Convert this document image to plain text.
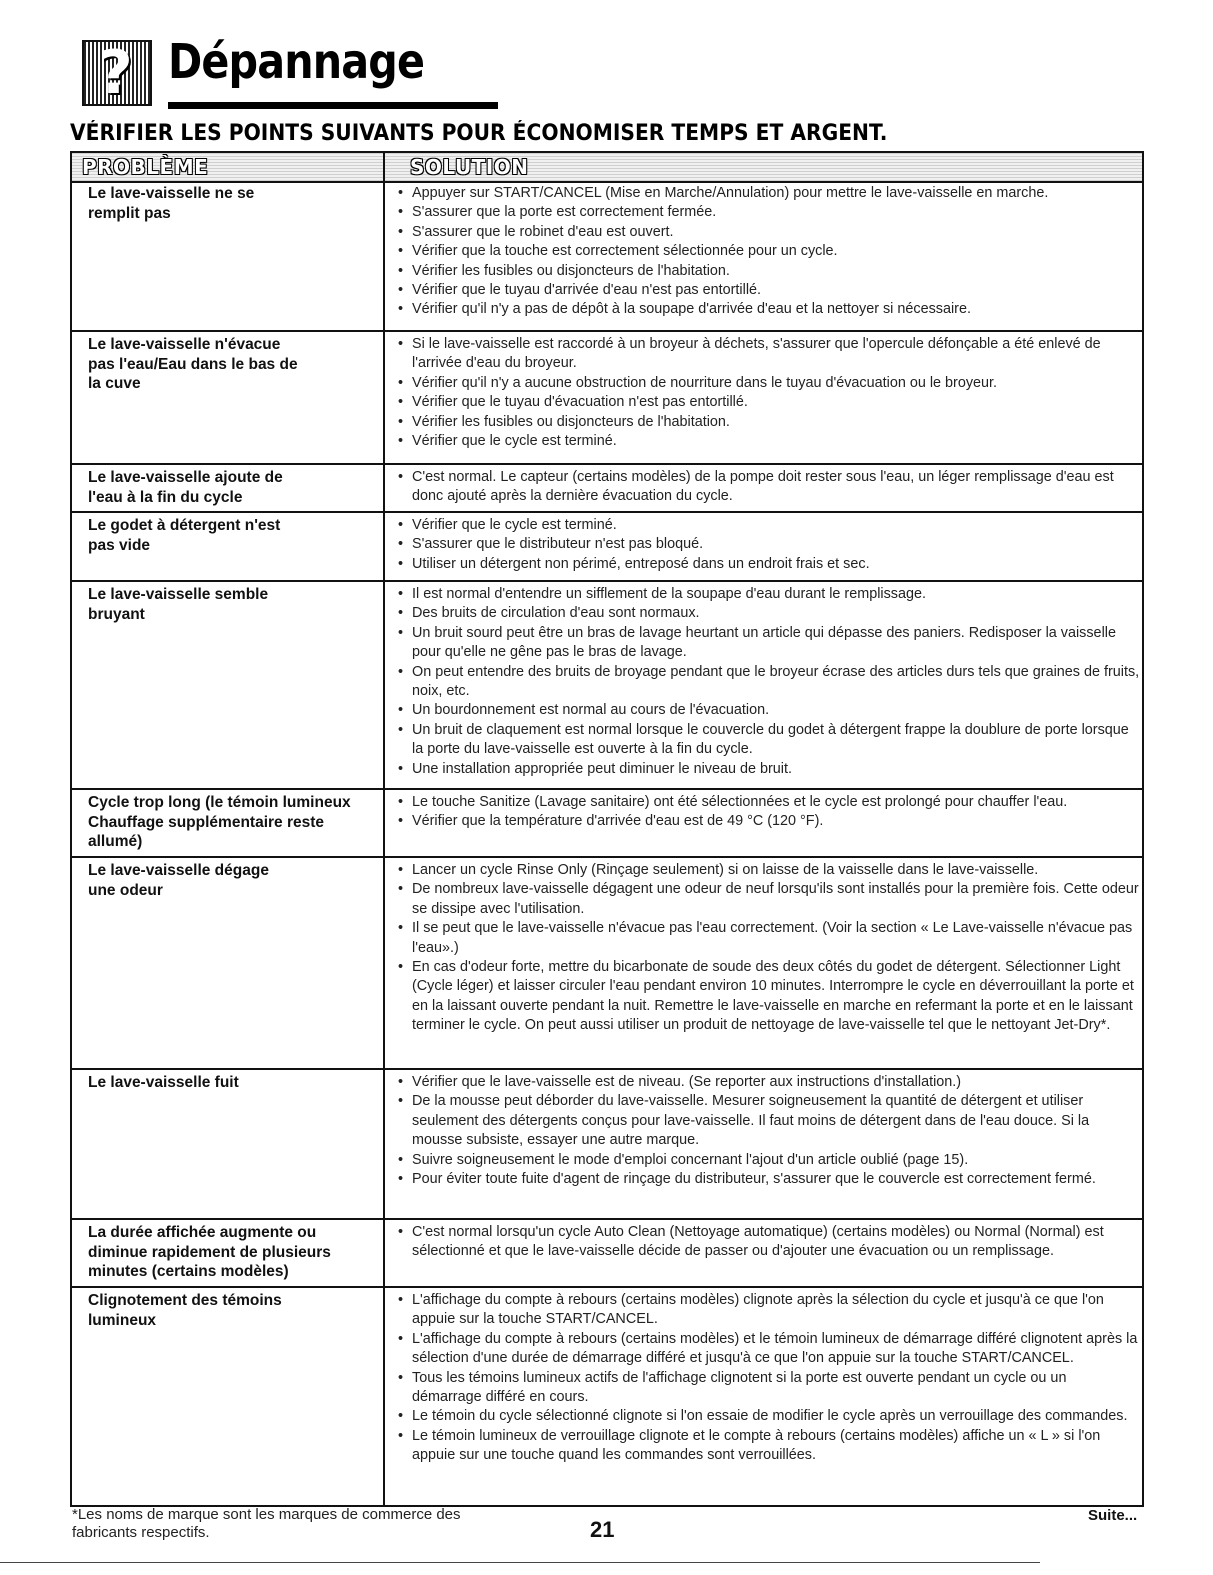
? Dépannage
VÉRIFIER LES POINTS SUIVANTS POUR ÉCONOMISER TEMPS ET ARGENT.
PROBLÈME	SOLUTION
Le lave-vaisselle ne se
remplit pas
• Appuyer sur START/CANCEL (Mise en Marche/Annulation) pour mettre le lave-vaisselle en marche.
• S'assurer que la porte est correctement fermée.
• S'assurer que le robinet d'eau est ouvert.
• Vérifier que la touche est correctement sélectionnée pour un cycle.
• Vérifier les fusibles ou disjoncteurs de l'habitation.
• Vérifier que le tuyau d'arrivée d'eau n'est pas entortillé.
• Vérifier qu'il n'y a pas de dépôt à la soupape d'arrivée d'eau et la nettoyer si nécessaire.
Le lave-vaisselle n'évacue
pas l'eau/Eau dans le bas de
la cuve
• Si le lave-vaisselle est raccordé à un broyeur à déchets, s'assurer que l'opercule défonçable a été enlevé de l'arrivée d'eau du broyeur.
• Vérifier qu'il n'y a aucune obstruction de nourriture dans le tuyau d'évacuation ou le broyeur.
• Vérifier que le tuyau d'évacuation n'est pas entortillé.
• Vérifier les fusibles ou disjoncteurs de l'habitation.
• Vérifier que le cycle est terminé.
Le lave-vaisselle ajoute de
l'eau à la fin du cycle
• C'est normal. Le capteur (certains modèles) de la pompe doit rester sous l'eau, un léger remplissage d'eau est donc ajouté après la dernière évacuation du cycle.
Le godet à détergent n'est
pas vide
• Vérifier que le cycle est terminé.
• S'assurer que le distributeur n'est pas bloqué.
• Utiliser un détergent non périmé, entreposé dans un endroit frais et sec.
Le lave-vaisselle semble
bruyant
• Il est normal d'entendre un sifflement de la soupape d'eau durant le remplissage.
• Des bruits de circulation d'eau sont normaux.
• Un bruit sourd peut être un bras de lavage heurtant un article qui dépasse des paniers. Redisposer la vaisselle pour qu'elle ne gêne pas le bras de lavage.
• On peut entendre des bruits de broyage pendant que le broyeur écrase des articles durs tels que graines de fruits, noix, etc.
• Un bourdonnement est normal au cours de l'évacuation.
• Un bruit de claquement est normal lorsque le couvercle du godet à détergent frappe la doublure de porte lorsque la porte du lave-vaisselle est ouverte à la fin du cycle.
• Une installation appropriée peut diminuer le niveau de bruit.
Cycle trop long (le témoin lumineux
Chauffage supplémentaire reste
allumé)
• Le touche Sanitize (Lavage sanitaire) ont été sélectionnées et le cycle est prolongé pour chauffer l'eau.
• Vérifier que la température d'arrivée d'eau est de 49 °C (120 °F).
Le lave-vaisselle dégage
une odeur
• Lancer un cycle Rinse Only (Rinçage seulement) si on laisse de la vaisselle dans le lave-vaisselle.
• De nombreux lave-vaisselle dégagent une odeur de neuf lorsqu'ils sont installés pour la première fois. Cette odeur se dissipe avec l'utilisation.
• Il se peut que le lave-vaisselle n'évacue pas l'eau correctement. (Voir la section « Le Lave-vaisselle n'évacue pas l'eau».)
• En cas d'odeur forte, mettre du bicarbonate de soude des deux côtés du godet de détergent. Sélectionner Light (Cycle léger) et laisser circuler l'eau pendant environ 10 minutes. Interrompre le cycle en déverrouillant la porte et en la laissant ouverte pendant la nuit. Remettre le lave-vaisselle en marche en refermant la porte et en le laissant terminer le cycle. On peut aussi utiliser un produit de nettoyage de lave-vaisselle tel que le nettoyant Jet-Dry*.
Le lave-vaisselle fuit
•	Vérifier que le lave-vaisselle est de niveau. (Se reporter aux instructions d'installation.)
• De la mousse peut déborder du lave-vaisselle. Mesurer soigneusement la quantité de détergent et utiliser seulement des détergents conçus pour lave-vaisselle. Il faut moins de détergent dans de l'eau douce. Si la mousse subsiste, essayer une autre marque.
• Suivre soigneusement le mode d'emploi concernant l'ajout d'un article oublié (page 15).
• Pour éviter toute fuite d'agent de rinçage du distributeur, s'assurer que le couvercle est correctement fermé.
La durée affichée augmente ou
diminue rapidement de plusieurs
minutes (certains modèles)
• C'est normal lorsqu'un cycle Auto Clean (Nettoyage automatique) (certains modèles) ou Normal (Normal) est sélectionné et que le lave-vaisselle décide de passer ou d'ajouter une évacuation ou un remplissage.
Clignotement des témoins
lumineux
• L'affichage du compte à rebours (certains modèles) clignote après la sélection du cycle et jusqu'à ce que l'on appuie sur la touche START/CANCEL.
• L'affichage du compte à rebours (certains modèles) et le témoin lumineux de démarrage différé clignotent après la sélection d'une durée de démarrage différé et jusqu'à ce que l'on appuie sur la touche START/CANCEL.
• Tous les témoins lumineux actifs de l'affichage clignotent si la porte est ouverte pendant un cycle ou un démarrage différé en cours.
• Le témoin du cycle sélectionné clignote si l'on essaie de modifier le cycle après un verrouillage des commandes.
• Le témoin lumineux de verrouillage clignote et le compte à rebours (certains modèles) affiche un « L » si l'on appuie sur une touche quand les commandes sont verrouillées.
*Les noms de marque sont les marques de commerce des
fabricants respectifs.	21
Suite...
